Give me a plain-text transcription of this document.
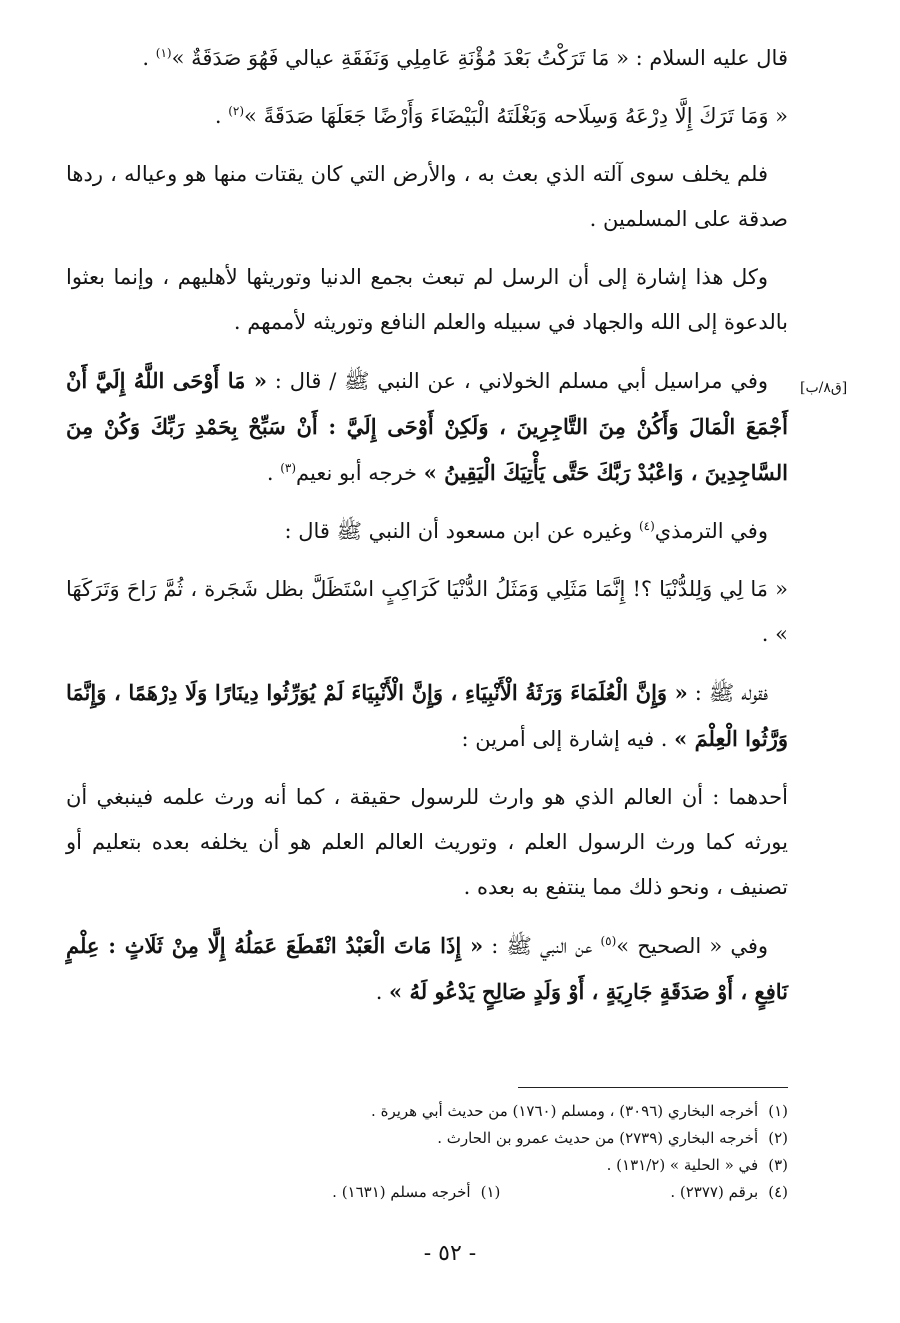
قال عليه السلام : « مَا تَرَكْتُ بَعْدَ مُؤْنَةِ عَامِلِي وَنَفَقَةِ عيالي فَهُوَ صَدَقَةٌ »$^{(١)}$ .

« وَمَا تَرَكَ إِلَّا دِرْعَهُ وَسِلَاحه وَبَغْلَتَهُ الْبَيْضَاءَ وَأَرْضًا جَعَلَهَا صَدَقَةً »$^{(٢)}$ .

فلم يخلف سوى آلته الذي بعث به ، والأرض التي كان يقتات منها هو وعياله ، ردها صدقة على المسلمين .

وكل هذا إشارة إلى أن الرسل لم تبعث بجمع الدنيا وتوريثها لأهليهم ، وإنما بعثوا بالدعوة إلى الله والجهاد في سبيله والعلم النافع وتوريثه لأممهم .

وفي مراسيل أبي مسلم الخولاني ، عن النبي ﷺ / قال : « مَا أَوْحَى اللَّهُ إِلَيَّ أَنْ أَجْمَعَ الْمَالَ وَأَكُنْ مِنَ التَّاجِرِينَ ، وَلَكِنْ أَوْحَى إِلَيَّ : أَنْ سَبِّحْ بِحَمْدِ رَبِّكَ وَكُنْ مِنَ السَّاجِدِينَ ، وَاعْبُدْ رَبَّكَ حَتَّى يَأْتِيَكَ الْيَقِينُ » خرجه أبو نعيم$^{(٣)}$ .

وفي الترمذي$^{(٤)}$ وغيره عن ابن مسعود أن النبي ﷺ قال :

« مَا لِي وَلِلدُّنْيَا ؟! إِنَّمَا مَثَلِي وَمَثَلُ الدُّنْيَا كَرَاكِبٍ اسْتَظَلَّ بظل شَجَرة ، ثُمَّ رَاحَ وَتَرَكَهَا » .

فقوله ﷺ : « وَإِنَّ الْعُلَمَاءَ وَرَثَةُ الْأَنْبِيَاءِ ، وَإِنَّ الْأَنْبِيَاءَ لَمْ يُوَرِّثُوا دِينَارًا وَلَا دِرْهَمًا ، وَإِنَّمَا وَرَّثُوا الْعِلْمَ » . فيه إشارة إلى أمرين :

أحدهما : أن العالم الذي هو وارث للرسول حقيقة ، كما أنه ورث علمه فينبغي أن يورثه كما ورث الرسول العلم ، وتوريث العالم العلم هو أن يخلفه بعده بتعليم أو تصنيف ، ونحو ذلك مما ينتفع به بعده .

وفي « الصحيح »$^{(٥)}$ عن النبي ﷺ : « إِذَا مَاتَ الْعَبْدُ انْقَطَعَ عَمَلُهُ إِلَّا مِنْ ثَلَاثٍ : عِلْمٍ نَافِعٍ ، أَوْ صَدَقَةٍ جَارِيَةٍ ، أَوْ وَلَدٍ صَالِحٍ يَدْعُو لَهُ » .

[ق٨/ب]
(١)أخرجه البخاري (٣٠٩٦) ، ومسلم (١٧٦٠) من حديث أبي هريرة .
(٢)أخرجه البخاري (٢٧٣٩) من حديث عمرو بن الحارث .
(٣)في « الحلية » (١٣١/٢) .
(٤)برقم (٢٣٧٧) .
(١)أخرجه مسلم (١٦٣١) .
- ٥٢ -
